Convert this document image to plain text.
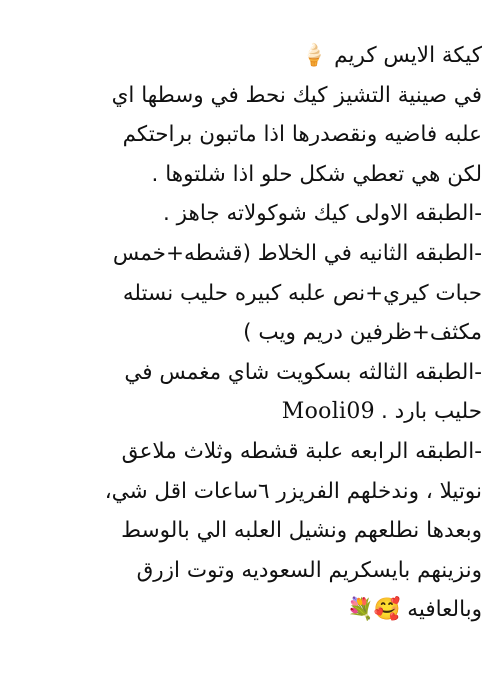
كيكة الايس كريم 🍦
في صينية التشيز كيك نحط في وسطها اي
علبه فاضيه ونقصدرها اذا ماتبون براحتكم
لكن هي تعطي شكل حلو اذا شلتوها .
-الطبقه الاولى كيك شوكولاته جاهز .
-الطبقه الثانيه في الخلاط (قشطه+خمس
حبات كيري+نص علبه كبيره حليب نستله
مكثف+ظرفين دريم ويب )
-الطبقه الثالثه بسكويت شاي مغمس في
حليب بارد .Mooli09
-الطبقه الرابعه علبة قشطه وثلاث ملاعق
نوتيلا ، وندخلهم الفريزر ٦ساعات اقل شي،
وبعدها نطلعهم ونشيل العلبه الي بالوسط
ونزينهم بايسكريم السعوديه وتوت ازرق
وبالعافيه 🥰💐
